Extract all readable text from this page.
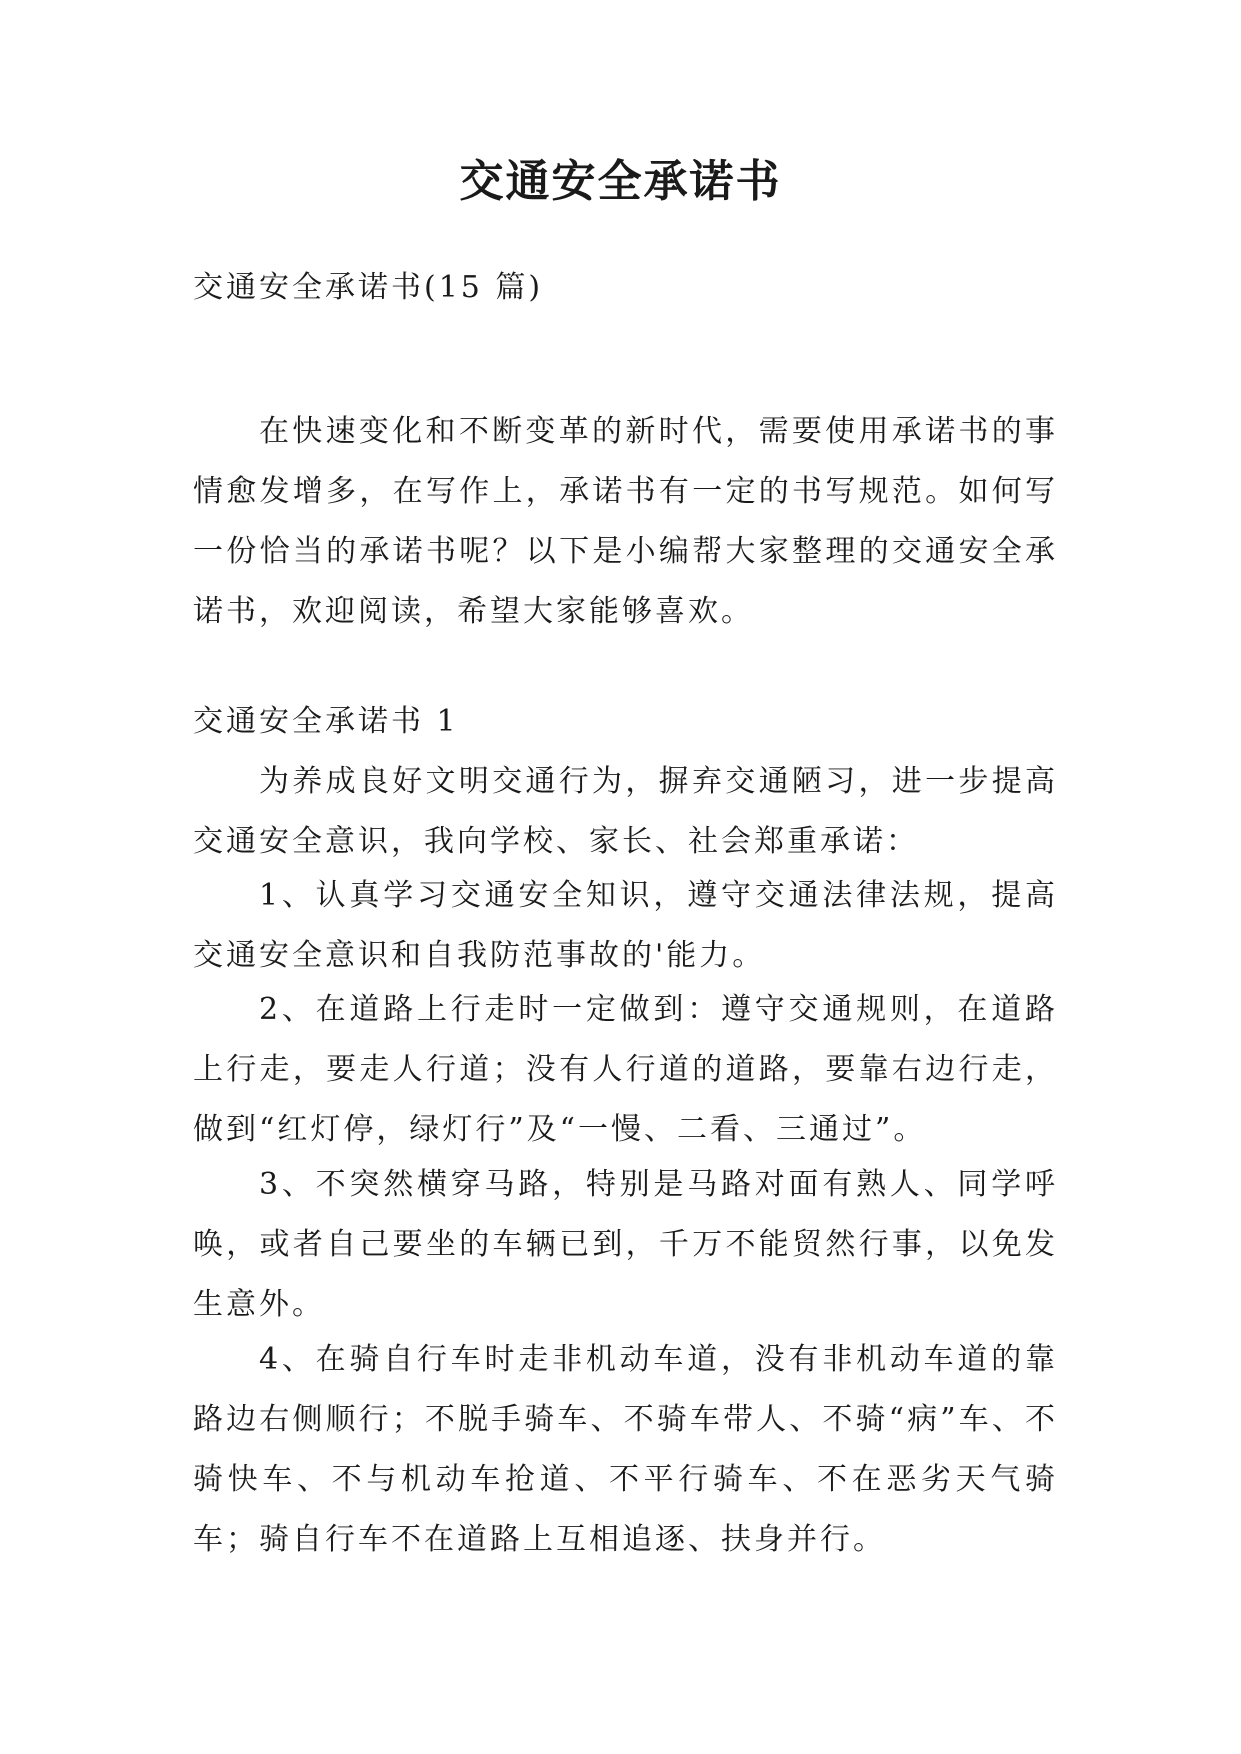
交通安全承诺书
交通安全承诺书(15 篇)
在快速变化和不断变革的新时代，需要使用承诺书的事情愈发增多，在写作上，承诺书有一定的书写规范。如何写一份恰当的承诺书呢？以下是小编帮大家整理的交通安全承诺书，欢迎阅读，希望大家能够喜欢。
交通安全承诺书 1
为养成良好文明交通行为，摒弃交通陋习，进一步提高交通安全意识，我向学校、家长、社会郑重承诺：
1、认真学习交通安全知识，遵守交通法律法规，提高交通安全意识和自我防范事故的'能力。
2、在道路上行走时一定做到：遵守交通规则，在道路上行走，要走人行道；没有人行道的道路，要靠右边行走，做到“红灯停，绿灯行”及“一慢、二看、三通过”。
3、不突然横穿马路，特别是马路对面有熟人、同学呼唤，或者自己要坐的车辆已到，千万不能贸然行事，以免发生意外。
4、在骑自行车时走非机动车道，没有非机动车道的靠路边右侧顺行；不脱手骑车、不骑车带人、不骑“病”车、不骑快车、不与机动车抢道、不平行骑车、不在恶劣天气骑车；骑自行车不在道路上互相追逐、扶身并行。
